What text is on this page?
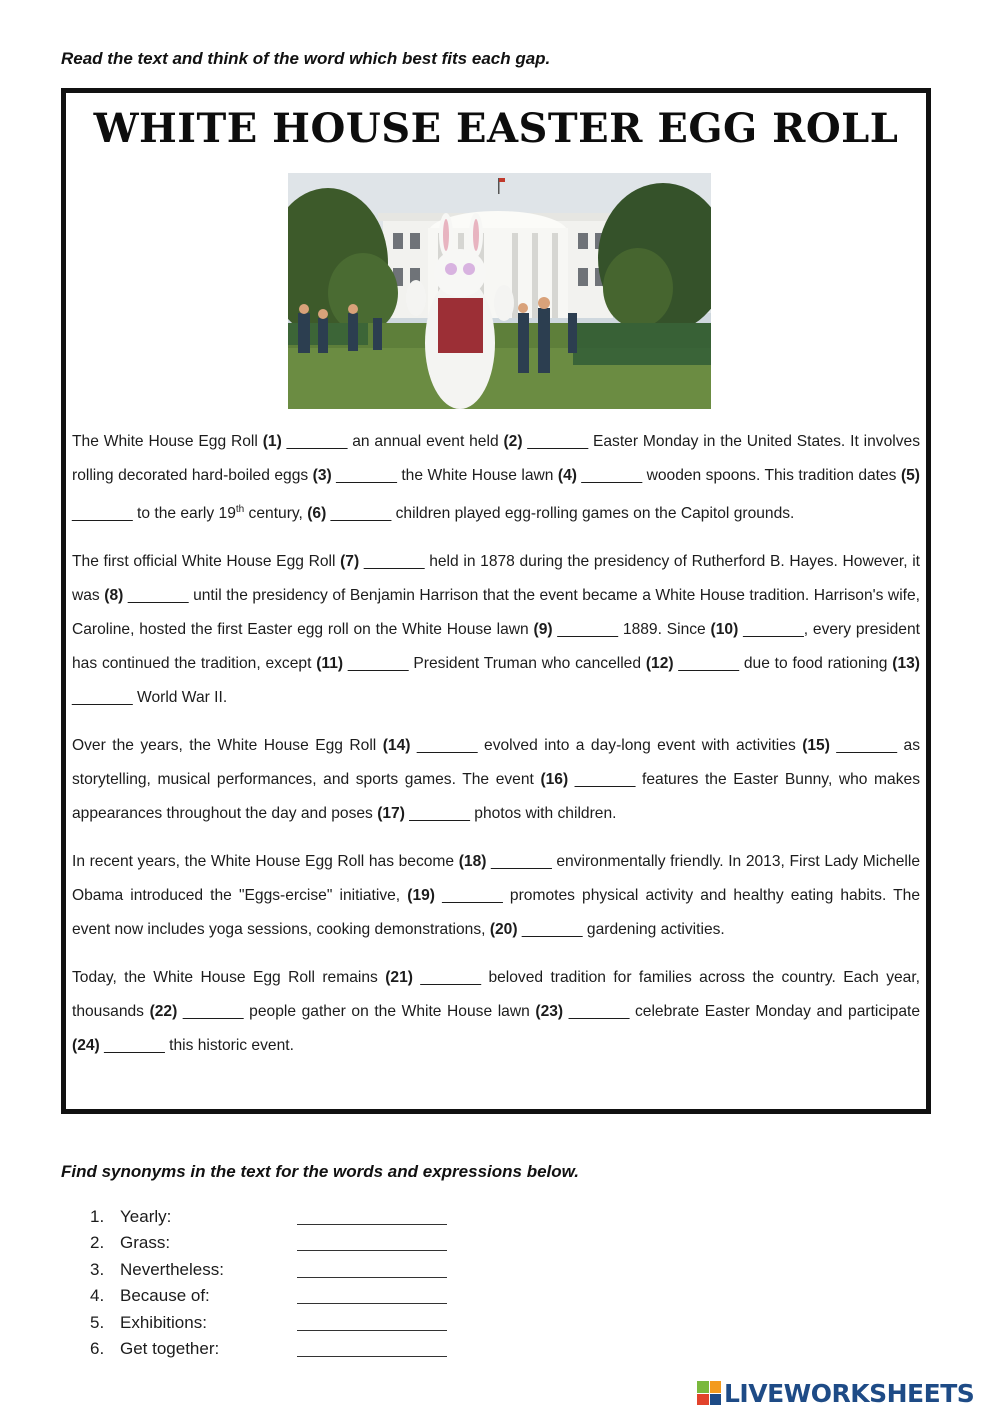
Read the text and think of the word which best fits each gap.
WHITE HOUSE EASTER EGG ROLL

The White House Egg Roll (1) _______ an annual event held (2) _______ Easter Monday in the United States. It involves rolling decorated hard-boiled eggs (3) _______ the White House lawn (4) _______ wooden spoons. This tradition dates (5) _______ to the early 19th century, (6) _______ children played egg-rolling games on the Capitol grounds.

The first official White House Egg Roll (7) _______ held in 1878 during the presidency of Rutherford B. Hayes. However, it was (8) _______ until the presidency of Benjamin Harrison that the event became a White House tradition. Harrison's wife, Caroline, hosted the first Easter egg roll on the White House lawn (9) _______ 1889. Since (10) _______, every president has continued the tradition, except (11) _______ President Truman who cancelled (12) _______ due to food rationing (13) _______ World War II.

Over the years, the White House Egg Roll (14) _______ evolved into a day-long event with activities (15) _______ as storytelling, musical performances, and sports games. The event (16) _______ features the Easter Bunny, who makes appearances throughout the day and poses (17) _______ photos with children.

In recent years, the White House Egg Roll has become (18) _______ environmentally friendly. In 2013, First Lady Michelle Obama introduced the "Eggs-ercise" initiative, (19) _______ promotes physical activity and healthy eating habits. The event now includes yoga sessions, cooking demonstrations, (20) _______ gardening activities.

Today, the White House Egg Roll remains (21) _______ beloved tradition for families across the country. Each year, thousands (22) _______ people gather on the White House lawn (23) _______ celebrate Easter Monday and participate (24) _______ this historic event.

Find synonyms in the text for the words and expressions below.
1. Yearly:
2. Grass:
3. Nevertheless:
4. Because of:
5. Exhibitions:
6. Get together:
LIVEWORKSHEETS
